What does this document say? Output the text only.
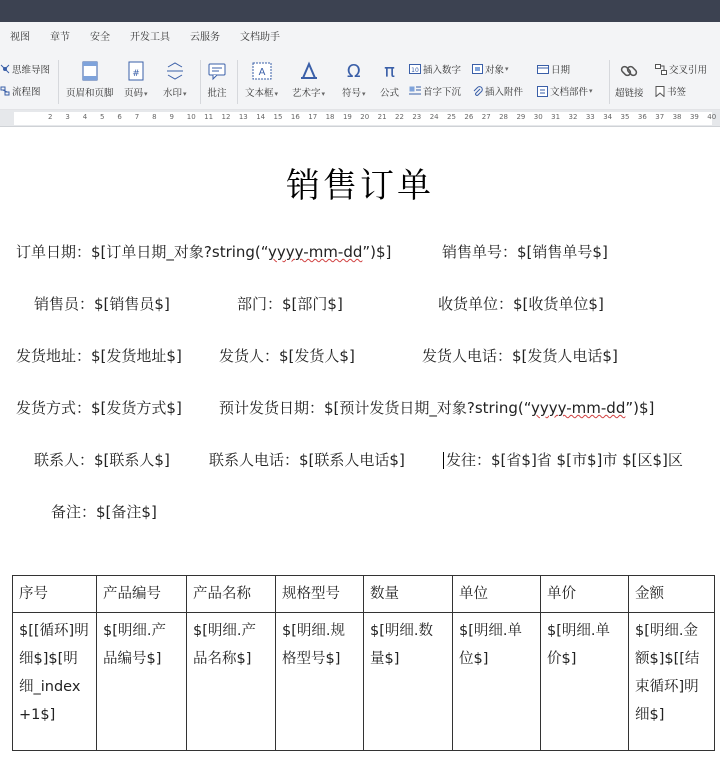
视图 章节 安全 开发工具 云服务 文档助手
思维导图
流程图	页眉和页脚
#
页码▾ 水印▾ 批注
A
文本框▾ 艺术字▾
Ω
符号▾
π
公式
10 插入数字	对象 ▾	日期
首字下沉	插入附件	文档部件 ▾ 超链接
交叉引用
书签
2 3 4 5 6 7 8 9 10 11 12 13 14 15 16 17 18 19 20 21 22 23 24 25 26 27 28 29 30 31 32 33 34 35 36 37 38 39 40
销售订单
订单日期：$[订单日期_对象?string(“yyyy-mm-dd”)$]	销售单号：$[销售单号$]
销售员：$[销售员$]	部门：$[部门$]	收货单位：$[收货单位$]
发货地址：$[发货地址$] 发货人：$[发货人$]	发货人电话：$[发货人电话$]
发货方式：$[发货方式$] 预计发货日期：$[预计发货日期_对象?string(“yyyy-mm-dd”)$]
联系人：$[联系人$]	联系人电话：$[联系人电话$]	发往：$[省$]省 $[市$]市 $[区$]区
备注：$[备注$]
序号	产品编号	产品名称	规格型号	数量	单位	单价	金额
$[[循环]明细$]$[明细_index+1$]	$[明细.产品编号$]	$[明细.产品名称$]	$[明细.规格型号$]	$[明细.数量$]	$[明细.单位$]	$[明细.单价$]	$[明细.金额$]$[[结束循环]明细$]
